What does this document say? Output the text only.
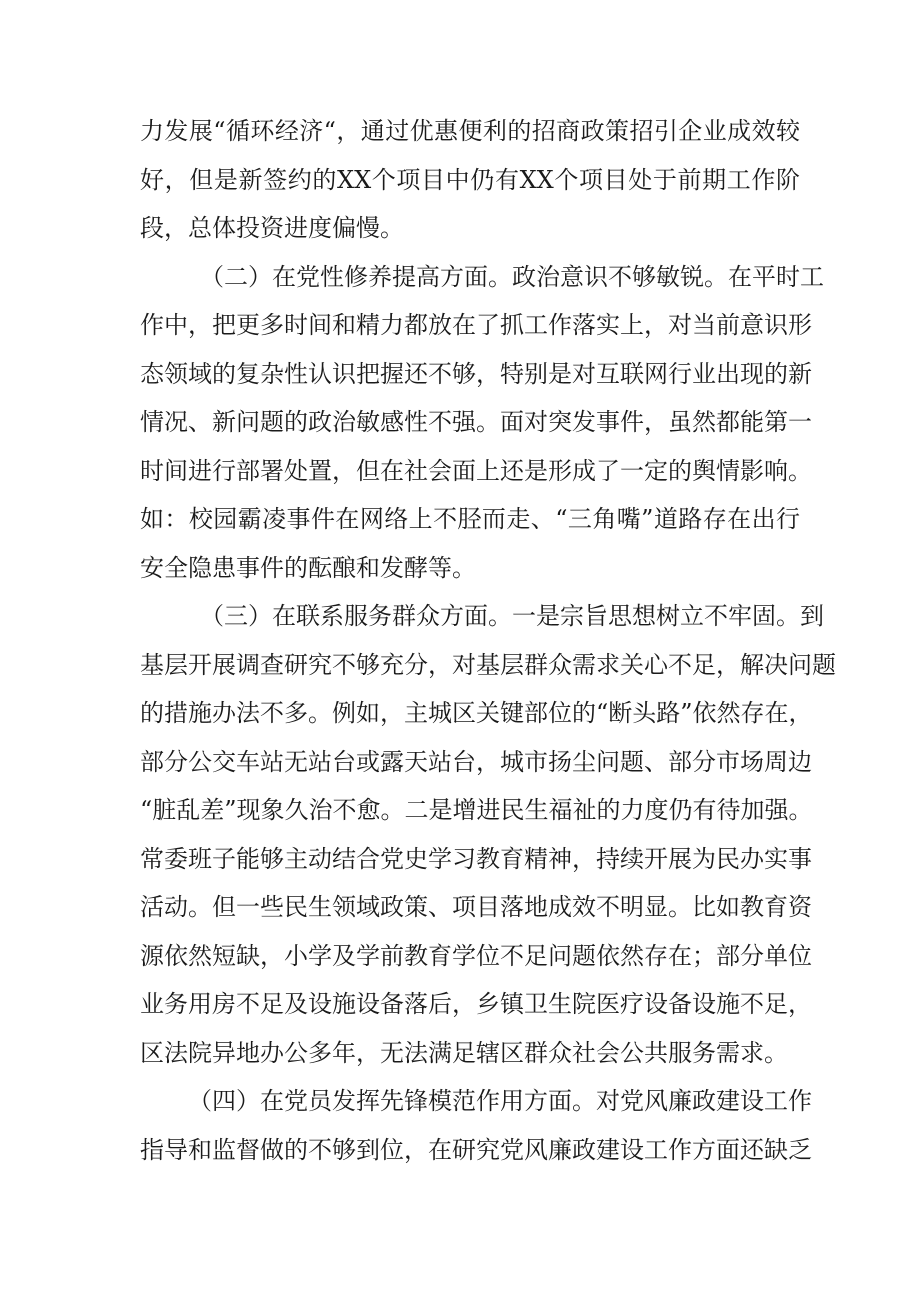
力发展“循环经济“，通过优惠便利的招商政策招引企业成效较
好，但是新签约的XX个项目中仍有XX个项目处于前期工作阶
段，总体投资进度偏慢。
（二）在党性修养提高方面。政治意识不够敏锐。在平时工
作中，把更多时间和精力都放在了抓工作落实上，对当前意识形
态领域的复杂性认识把握还不够，特别是对互联网行业出现的新
情况、新问题的政治敏感性不强。面对突发事件，虽然都能第一
时间进行部署处置，但在社会面上还是形成了一定的舆情影响。
如：校园霸凌事件在网络上不胫而走、“三角嘴”道路存在出行
安全隐患事件的酝酿和发酵等。
（三）在联系服务群众方面。一是宗旨思想树立不牢固。到
基层开展调查研究不够充分，对基层群众需求关心不足，解决问题
的措施办法不多。例如，主城区关键部位的“断头路”依然存在，
部分公交车站无站台或露天站台，城市扬尘问题、部分市场周边
“脏乱差”现象久治不愈。二是增进民生福祉的力度仍有待加强。
常委班子能够主动结合党史学习教育精神，持续开展为民办实事
活动。但一些民生领域政策、项目落地成效不明显。比如教育资
源依然短缺，小学及学前教育学位不足问题依然存在；部分单位
业务用房不足及设施设备落后，乡镇卫生院医疗设备设施不足，
区法院异地办公多年，无法满足辖区群众社会公共服务需求。
（四）在党员发挥先锋模范作用方面。对党风廉政建设工作
指导和监督做的不够到位，在研究党风廉政建设工作方面还缺乏
